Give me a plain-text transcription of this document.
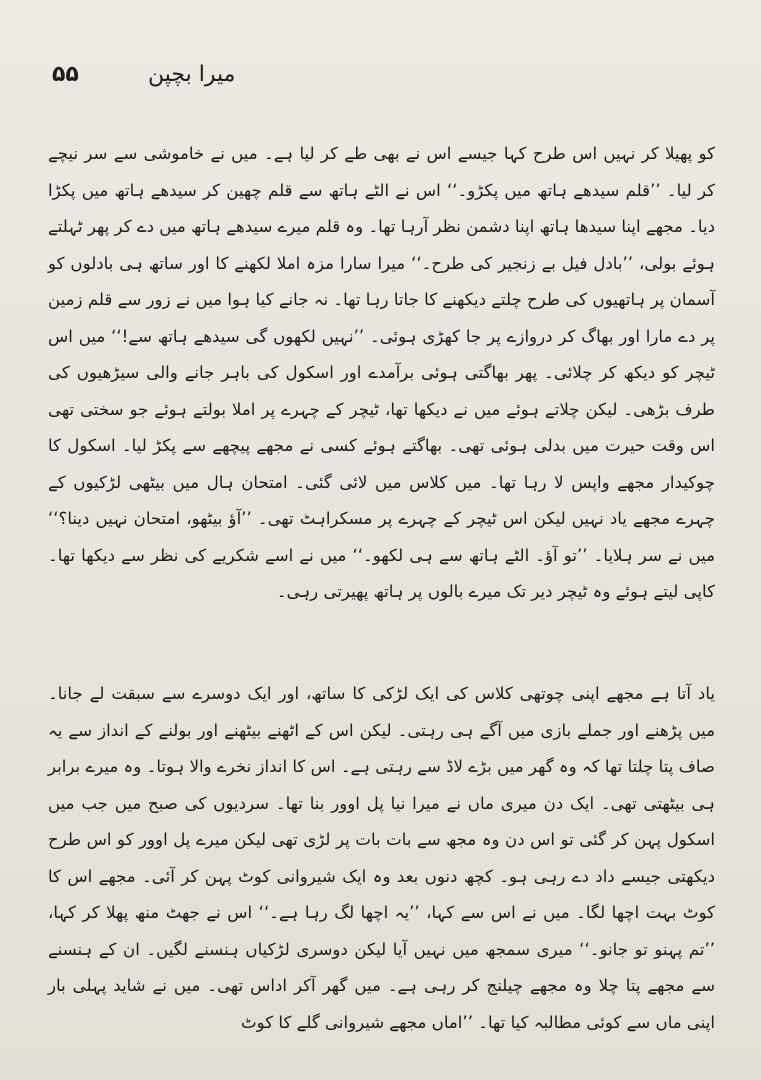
۵۵	میرا بچپن

کو پھیلا کر نہیں اس طرح کہا جیسے اس نے بھی طے کر لیا ہے۔ میں نے خاموشی سے سر نیچے کر لیا۔ ’’قلم سیدھے ہاتھ میں پکڑو۔‘‘ اس نے الٹے ہاتھ سے قلم چھین کر سیدھے ہاتھ میں پکڑا دیا۔ مجھے اپنا سیدھا ہاتھ اپنا دشمن نظر آرہا تھا۔ وہ قلم میرے سیدھے ہاتھ میں دے کر پھر ٹہلتے ہوئے بولی، ’’بادل فیل بے زنجیر کی طرح۔‘‘ میرا سارا مزہ املا لکھنے کا اور ساتھ ہی بادلوں کو آسمان پر ہاتھیوں کی طرح چلتے دیکھنے کا جاتا رہا تھا۔ نہ جانے کیا ہوا میں نے زور سے قلم زمین پر دے مارا اور بھاگ کر دروازے پر جا کھڑی ہوئی۔ ’’نہیں لکھوں گی سیدھے ہاتھ سے!‘‘ میں اس ٹیچر کو دیکھ کر چلائی۔ پھر بھاگتی ہوئی برآمدے اور اسکول کی باہر جانے والی سیڑھیوں کی طرف بڑھی۔ لیکن چلاتے ہوئے میں نے دیکھا تھا، ٹیچر کے چہرے پر املا بولتے ہوئے جو سختی تھی اس وقت حیرت میں بدلی ہوئی تھی۔ بھاگتے ہوئے کسی نے مجھے پیچھے سے پکڑ لیا۔ اسکول کا چوکیدار مجھے واپس لا رہا تھا۔ میں کلاس میں لائی گئی۔ امتحان ہال میں بیٹھی لڑکیوں کے چہرے مجھے یاد نہیں لیکن اس ٹیچر کے چہرے پر مسکراہٹ تھی۔ ’’آؤ بیٹھو، امتحان نہیں دینا؟‘‘ میں نے سر ہلایا۔ ’’تو آؤ۔ الٹے ہاتھ سے ہی لکھو۔‘‘ میں نے اسے شکریے کی نظر سے دیکھا تھا۔ کاپی لیتے ہوئے وہ ٹیچر دیر تک میرے بالوں پر ہاتھ پھیرتی رہی۔

یاد آتا ہے مجھے اپنی چوتھی کلاس کی ایک لڑکی کا ساتھ، اور ایک دوسرے سے سبقت لے جانا۔ میں پڑھنے اور جملے بازی میں آگے ہی رہتی۔ لیکن اس کے اٹھنے بیٹھنے اور بولنے کے انداز سے یہ صاف پتا چلتا تھا کہ وہ گھر میں بڑے لاڈ سے رہتی ہے۔ اس کا انداز نخرے والا ہوتا۔ وہ میرے برابر ہی بیٹھتی تھی۔ ایک دن میری ماں نے میرا نیا پل اوور بنا تھا۔ سردیوں کی صبح میں جب میں اسکول پہن کر گئی تو اس دن وہ مجھ سے بات بات پر لڑی تھی لیکن میرے پل اوور کو اس طرح دیکھتی جیسے داد دے رہی ہو۔ کچھ دنوں بعد وہ ایک شیروانی کوٹ پہن کر آئی۔ مجھے اس کا کوٹ بہت اچھا لگا۔ میں نے اس سے کہا، ’’یہ اچھا لگ رہا ہے۔‘‘ اس نے جھٹ منھ پھلا کر کہا، ’’تم پہنو تو جانو۔‘‘ میری سمجھ میں نہیں آیا لیکن دوسری لڑکیاں ہنسنے لگیں۔ ان کے ہنسنے سے مجھے پتا چلا وہ مجھے چیلنج کر رہی ہے۔ میں گھر آکر اداس تھی۔ میں نے شاید پہلی بار اپنی ماں سے کوئی مطالبہ کیا تھا۔ ’’اماں مجھے شیروانی گلے کا کوٹ
